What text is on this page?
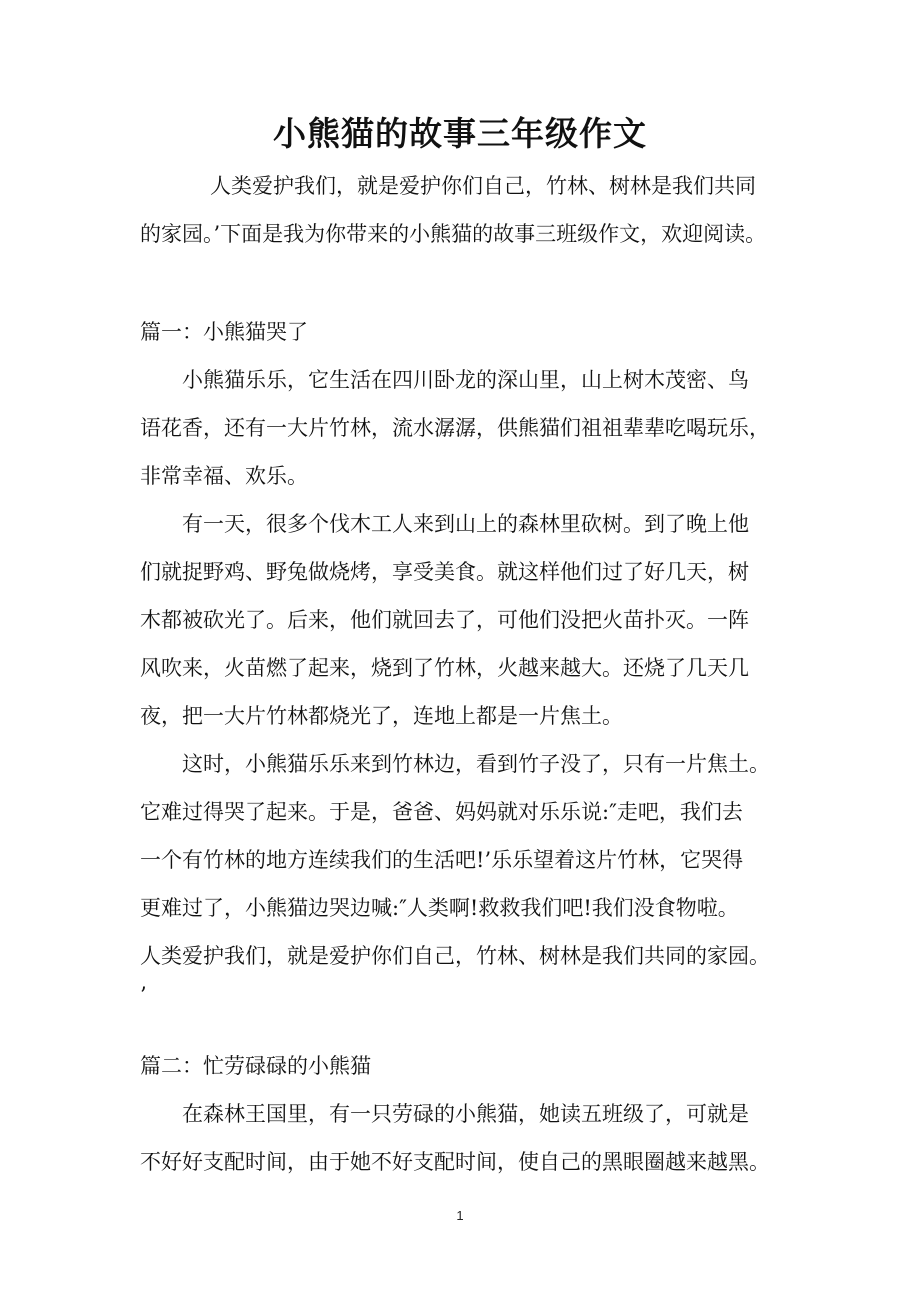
小熊猫的故事三年级作文

人类爱护我们，就是爱护你们自己，竹林、树林是我们共同

的家园。’下面是我为你带来的小熊猫的故事三班级作文，欢迎阅读。

篇一：小熊猫哭了

小熊猫乐乐，它生活在四川卧龙的深山里，山上树木茂密、鸟

语花香，还有一大片竹林，流水潺潺，供熊猫们祖祖辈辈吃喝玩乐，

非常幸福、欢乐。

有一天，很多个伐木工人来到山上的森林里砍树。到了晚上他

们就捉野鸡、野兔做烧烤，享受美食。就这样他们过了好几天，树

木都被砍光了。后来，他们就回去了，可他们没把火苗扑灭。一阵

风吹来，火苗燃了起来，烧到了竹林，火越来越大。还烧了几天几

夜，把一大片竹林都烧光了，连地上都是一片焦土。

这时，小熊猫乐乐来到竹林边，看到竹子没了，只有一片焦土。

它难过得哭了起来。于是，爸爸、妈妈就对乐乐说:″走吧，我们去

一个有竹林的地方连续我们的生活吧!’乐乐望着这片竹林，它哭得

更难过了，小熊猫边哭边喊:″人类啊!救救我们吧!我们没食物啦。

人类爱护我们，就是爱护你们自己，竹林、树林是我们共同的家园。

’

篇二：忙劳碌碌的小熊猫

在森林王国里，有一只劳碌的小熊猫，她读五班级了，可就是

不好好支配时间，由于她不好支配时间，使自己的黑眼圈越来越黑。

1
